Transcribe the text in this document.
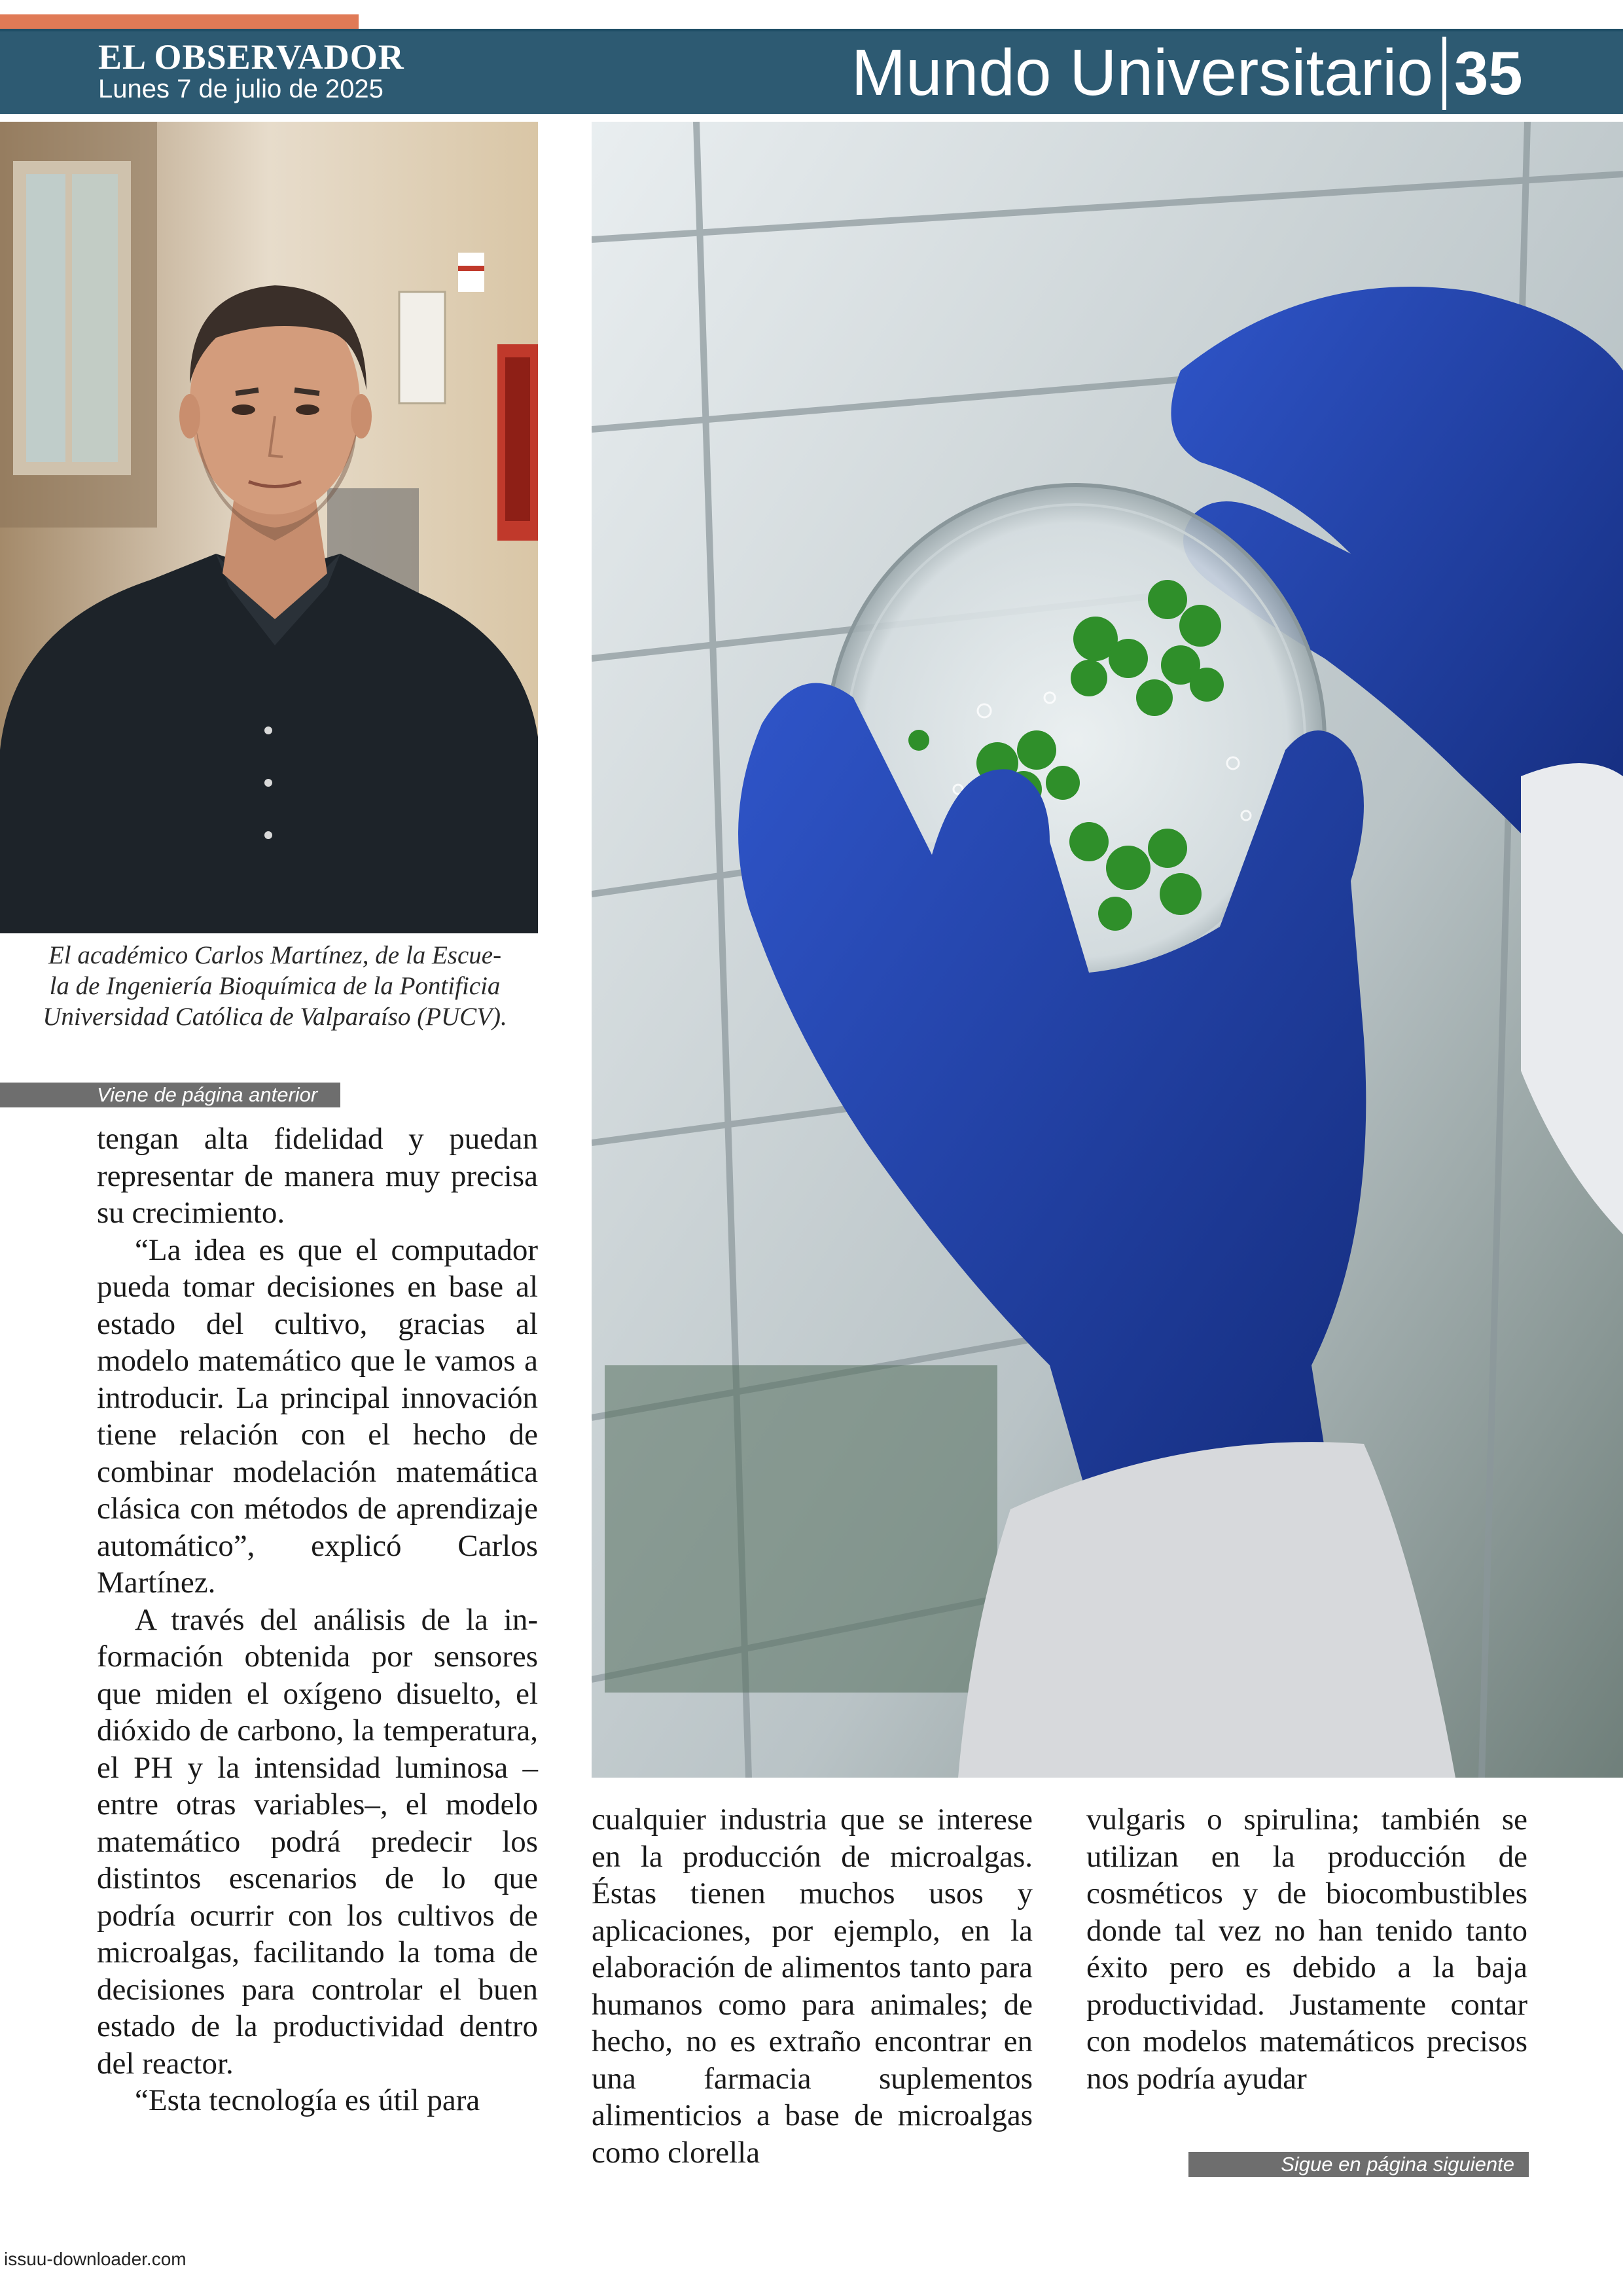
EL OBSERVADOR
Lunes 7 de julio de 2025	Mundo Universitario 35

El académico Carlos Martínez, de la Escue-

la de Ingeniería Bioquímica de la Pontificia

Universidad Católica de Valparaíso (PUCV).

Viene de página anterior

tengan alta fidelidad y puedan representar de manera muy precisa su crecimiento.

“La idea es que el computador pueda tomar decisiones en base al estado del cultivo, gracias al modelo matemático que le vamos a introducir. La principal innovación tiene relación con el hecho de combinar modelación matemática clásica con métodos de aprendizaje automático”, explicó Carlos Martínez.

A través del análisis de la información obtenida por sensores que miden el oxígeno disuelto, el dióxido de carbono, la temperatura, el PH y la intensidad luminosa –entre otras variables–, el modelo matemático podrá predecir los distintos escenarios de lo que podría ocurrir con los cultivos de microalgas, facilitando la toma de decisiones para controlar el buen estado de la productividad dentro del reactor.

“Esta tecnología es útil para

cualquier industria que se interese en la producción de microalgas. Éstas tienen muchos usos y aplicaciones, por ejemplo, en la elaboración de alimentos tanto para humanos como para animales; de hecho, no es extraño encontrar en una farmacia suplementos alimenticios a base de microalgas como clorella

vulgaris o spirulina; también se utilizan en la producción de cosméticos y de biocombustibles donde tal vez no han tenido tanto éxito pero es debido a la baja productividad. Justamente contar con modelos matemáticos precisos nos podría ayudar

Sigue en página siguiente
issuu-downloader.com
